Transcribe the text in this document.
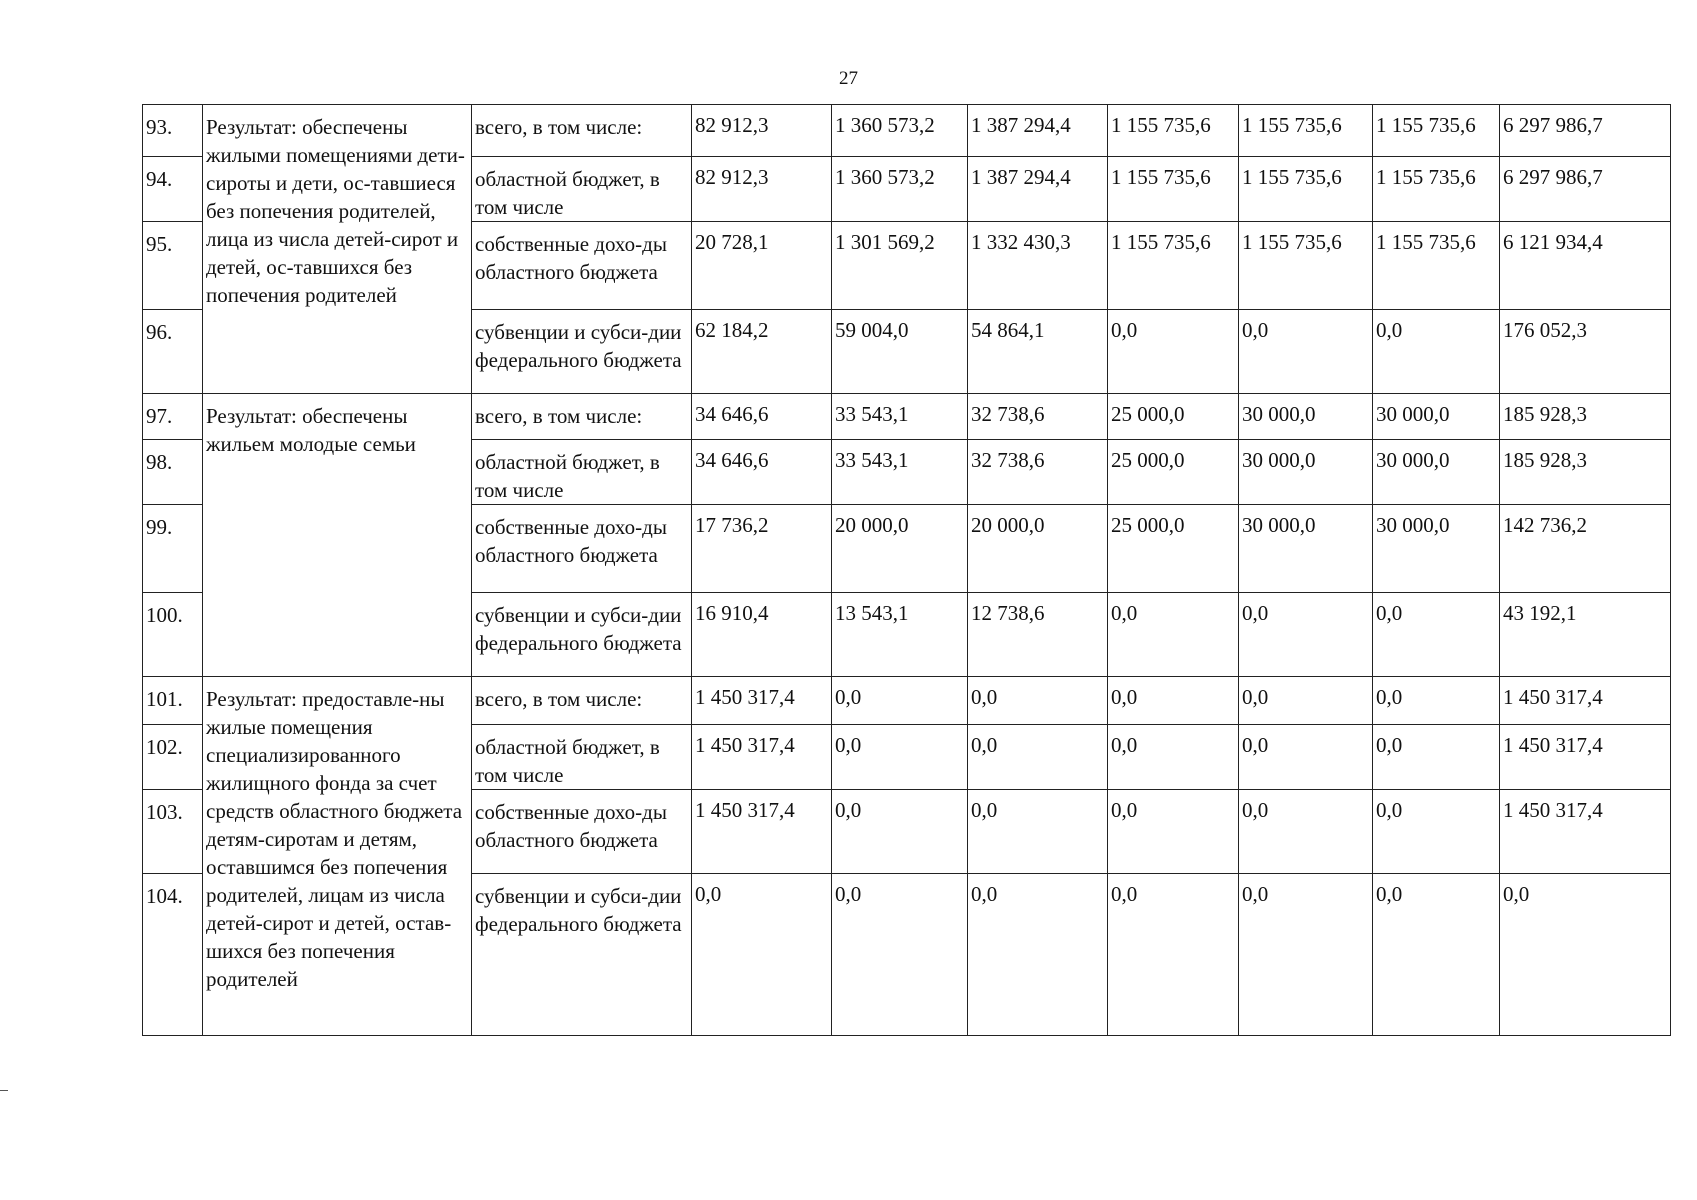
27
93.	Результат: обеспечены жилыми помещениями дети-сироты и дети, ос-тавшиеся без попечения родителей, лица из числа детей-сирот и детей, ос-тавшихся без попечения родителей	всего, в том числе:	82 912,3	1 360 573,2	1 387 294,4	1 155 735,6	1 155 735,6	1 155 735,6	6 297 986,7
94.		областной бюджет, в том числе	82 912,3	1 360 573,2	1 387 294,4	1 155 735,6	1 155 735,6	1 155 735,6	6 297 986,7
95.		собственные дохо-ды областного бюджета	20 728,1	1 301 569,2	1 332 430,3	1 155 735,6	1 155 735,6	1 155 735,6	6 121 934,4
96.		субвенции и субси-дии федерального бюджета	62 184,2	59 004,0	54 864,1	0,0	0,0	0,0	176 052,3
97.	Результат: обеспечены жильем молодые семьи	всего, в том числе:	34 646,6	33 543,1	32 738,6	25 000,0	30 000,0	30 000,0	185 928,3
98.		областной бюджет, в том числе	34 646,6	33 543,1	32 738,6	25 000,0	30 000,0	30 000,0	185 928,3
99.		собственные дохо-ды областного бюджета	17 736,2	20 000,0	20 000,0	25 000,0	30 000,0	30 000,0	142 736,2
100.		субвенции и субси-дии федерального бюджета	16 910,4	13 543,1	12 738,6	0,0	0,0	0,0	43 192,1
101.	Результат: предоставле-ны жилые помещения специализированного жилищного фонда за счет средств областного бюджета детям-сиротам и детям, оставшимся без попечения родителей, лицам из числа детей-сирот и детей, остав-шихся без попечения родителей	всего, в том числе:	1 450 317,4	0,0	0,0	0,0	0,0	0,0	1 450 317,4
102.		областной бюджет, в том числе	1 450 317,4	0,0	0,0	0,0	0,0	0,0	1 450 317,4
103.		собственные дохо-ды областного бюджета	1 450 317,4	0,0	0,0	0,0	0,0	0,0	1 450 317,4
104.		субвенции и субси-дии федерального бюджета	0,0	0,0	0,0	0,0	0,0	0,0	0,0
